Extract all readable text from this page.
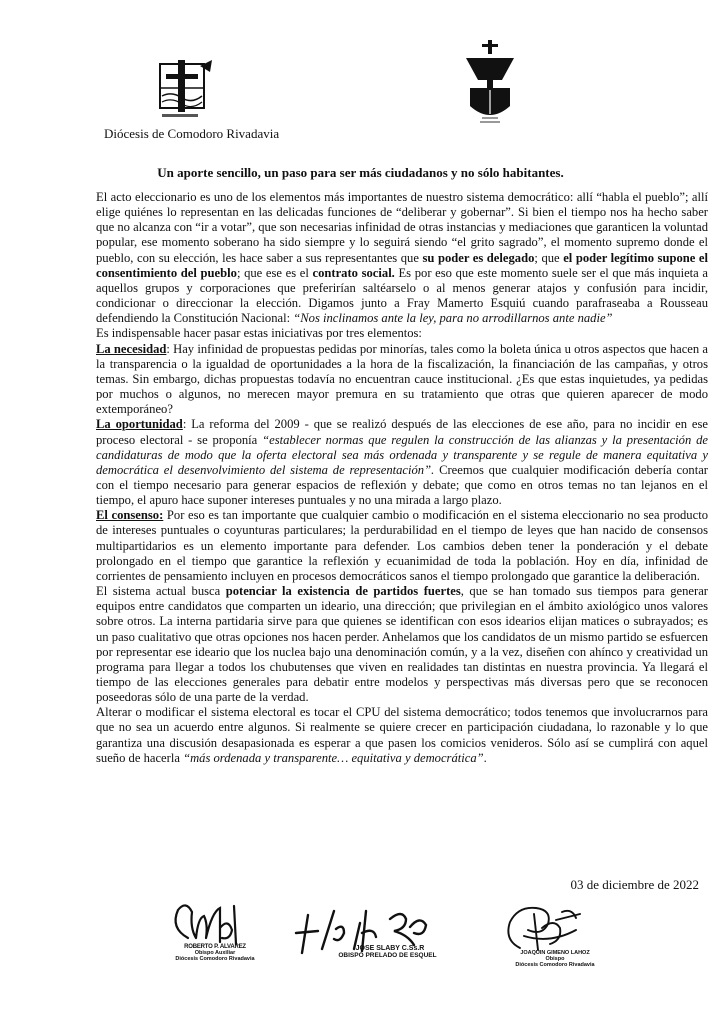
Diócesis de Comodoro Rivadavia
Un aporte sencillo, un paso para ser más ciudadanos y no sólo habitantes.

El acto eleccionario es uno de los elementos más importantes de nuestro sistema democrático: allí “habla el pueblo”; allí elige quiénes lo representan en las delicadas funciones de “deliberar y gobernar”. Si bien el tiempo nos ha hecho saber que no alcanza con “ir a votar”, que son necesarias infinidad de otras instancias y mediaciones que garanticen la voluntad popular, ese momento soberano ha sido siempre y lo seguirá siendo “el grito sagrado”, el momento supremo donde el pueblo, con su elección, les hace saber a sus representantes que su poder es delegado; que el poder legítimo supone el consentimiento del pueblo; que ese es el contrato social. Es por eso que este momento suele ser el que más inquieta a aquellos grupos y corporaciones que preferirían saltéarselo o al menos generar atajos y confusión para incidir, condicionar o direccionar la elección. Digamos junto a Fray Mamerto Esquiú cuando parafraseaba a Rousseau defendiendo la Constitución Nacional: “Nos inclinamos ante la ley, para no arrodillarnos ante nadie”

Es indispensable hacer pasar estas iniciativas por tres elementos:

La necesidad: Hay infinidad de propuestas pedidas por minorías, tales como la boleta única u otros aspectos que hacen a la transparencia o la igualdad de oportunidades a la hora de la fiscalización, la financiación de las campañas, y otros temas. Sin embargo, dichas propuestas todavía no encuentran cauce institucional. ¿Es que estas inquietudes, ya pedidas por muchos o algunos, no merecen mayor premura en su tratamiento que otras que quieren aparecer de modo extemporáneo?

La oportunidad: La reforma del 2009 - que se realizó después de las elecciones de ese año, para no incidir en ese proceso electoral - se proponía “establecer normas que regulen la construcción de las alianzas y la presentación de candidaturas de modo que la oferta electoral sea más ordenada y transparente y se regule de manera equitativa y democrática el desenvolvimiento del sistema de representación”. Creemos que cualquier modificación debería contar con el tiempo necesario para generar espacios de reflexión y debate; que como en otros temas no tan lejanos en el tiempo, el apuro hace suponer intereses puntuales y no una mirada a largo plazo.

El consenso: Por eso es tan importante que cualquier cambio o modificación en el sistema eleccionario no sea producto de intereses puntuales o coyunturas particulares; la perdurabilidad en el tiempo de leyes que han nacido de consensos multipartidarios es un elemento importante para defender. Los cambios deben tener la ponderación y el debate prolongado en el tiempo que garantice la reflexión y ecuanimidad de toda la población. Hoy en día, infinidad de corrientes de pensamiento incluyen en procesos democráticos sanos el tiempo prolongado que garantice la deliberación.

El sistema actual busca potenciar la existencia de partidos fuertes, que se han tomado sus tiempos para generar equipos entre candidatos que comparten un ideario, una dirección; que privilegian en el ámbito axiológico unos valores sobre otros. La interna partidaria sirve para que quienes se identifican con esos idearios elijan matices o subrayados; es un paso cualitativo que otras opciones nos hacen perder. Anhelamos que los candidatos de un mismo partido se esfuercen por representar ese ideario que los nuclea bajo una denominación común, y a la vez, diseñen con ahínco y creatividad un programa para llegar a todos los chubutenses que viven en realidades tan distintas en nuestra provincia. Ya llegará el tiempo de las elecciones generales para debatir entre modelos y perspectivas más diversas pero que se reconocen poseedoras sólo de una parte de la verdad.

Alterar o modificar el sistema electoral es tocar el CPU del sistema democrático; todos tenemos que involucrarnos para que no sea un acuerdo entre algunos. Si realmente se quiere crecer en participación ciudadana, lo razonable y lo que garantiza una discusión desapasionada es esperar a que pasen los comicios venideros. Sólo así se cumplirá con aquel sueño de hacerla “más ordenada y transparente… equitativa y democrática”.

03 de diciembre de 2022
ROBERTO P. ALVAREZ
Obispo Auxiliar
Diócesis Comodoro Rivadavia
JOSE SLABY C.Ss.R
OBISPO PRELADO DE ESQUEL	JOAQUIN GIMENO LAHOZ
Obispo
Diócesis Comodoro Rivadavia
